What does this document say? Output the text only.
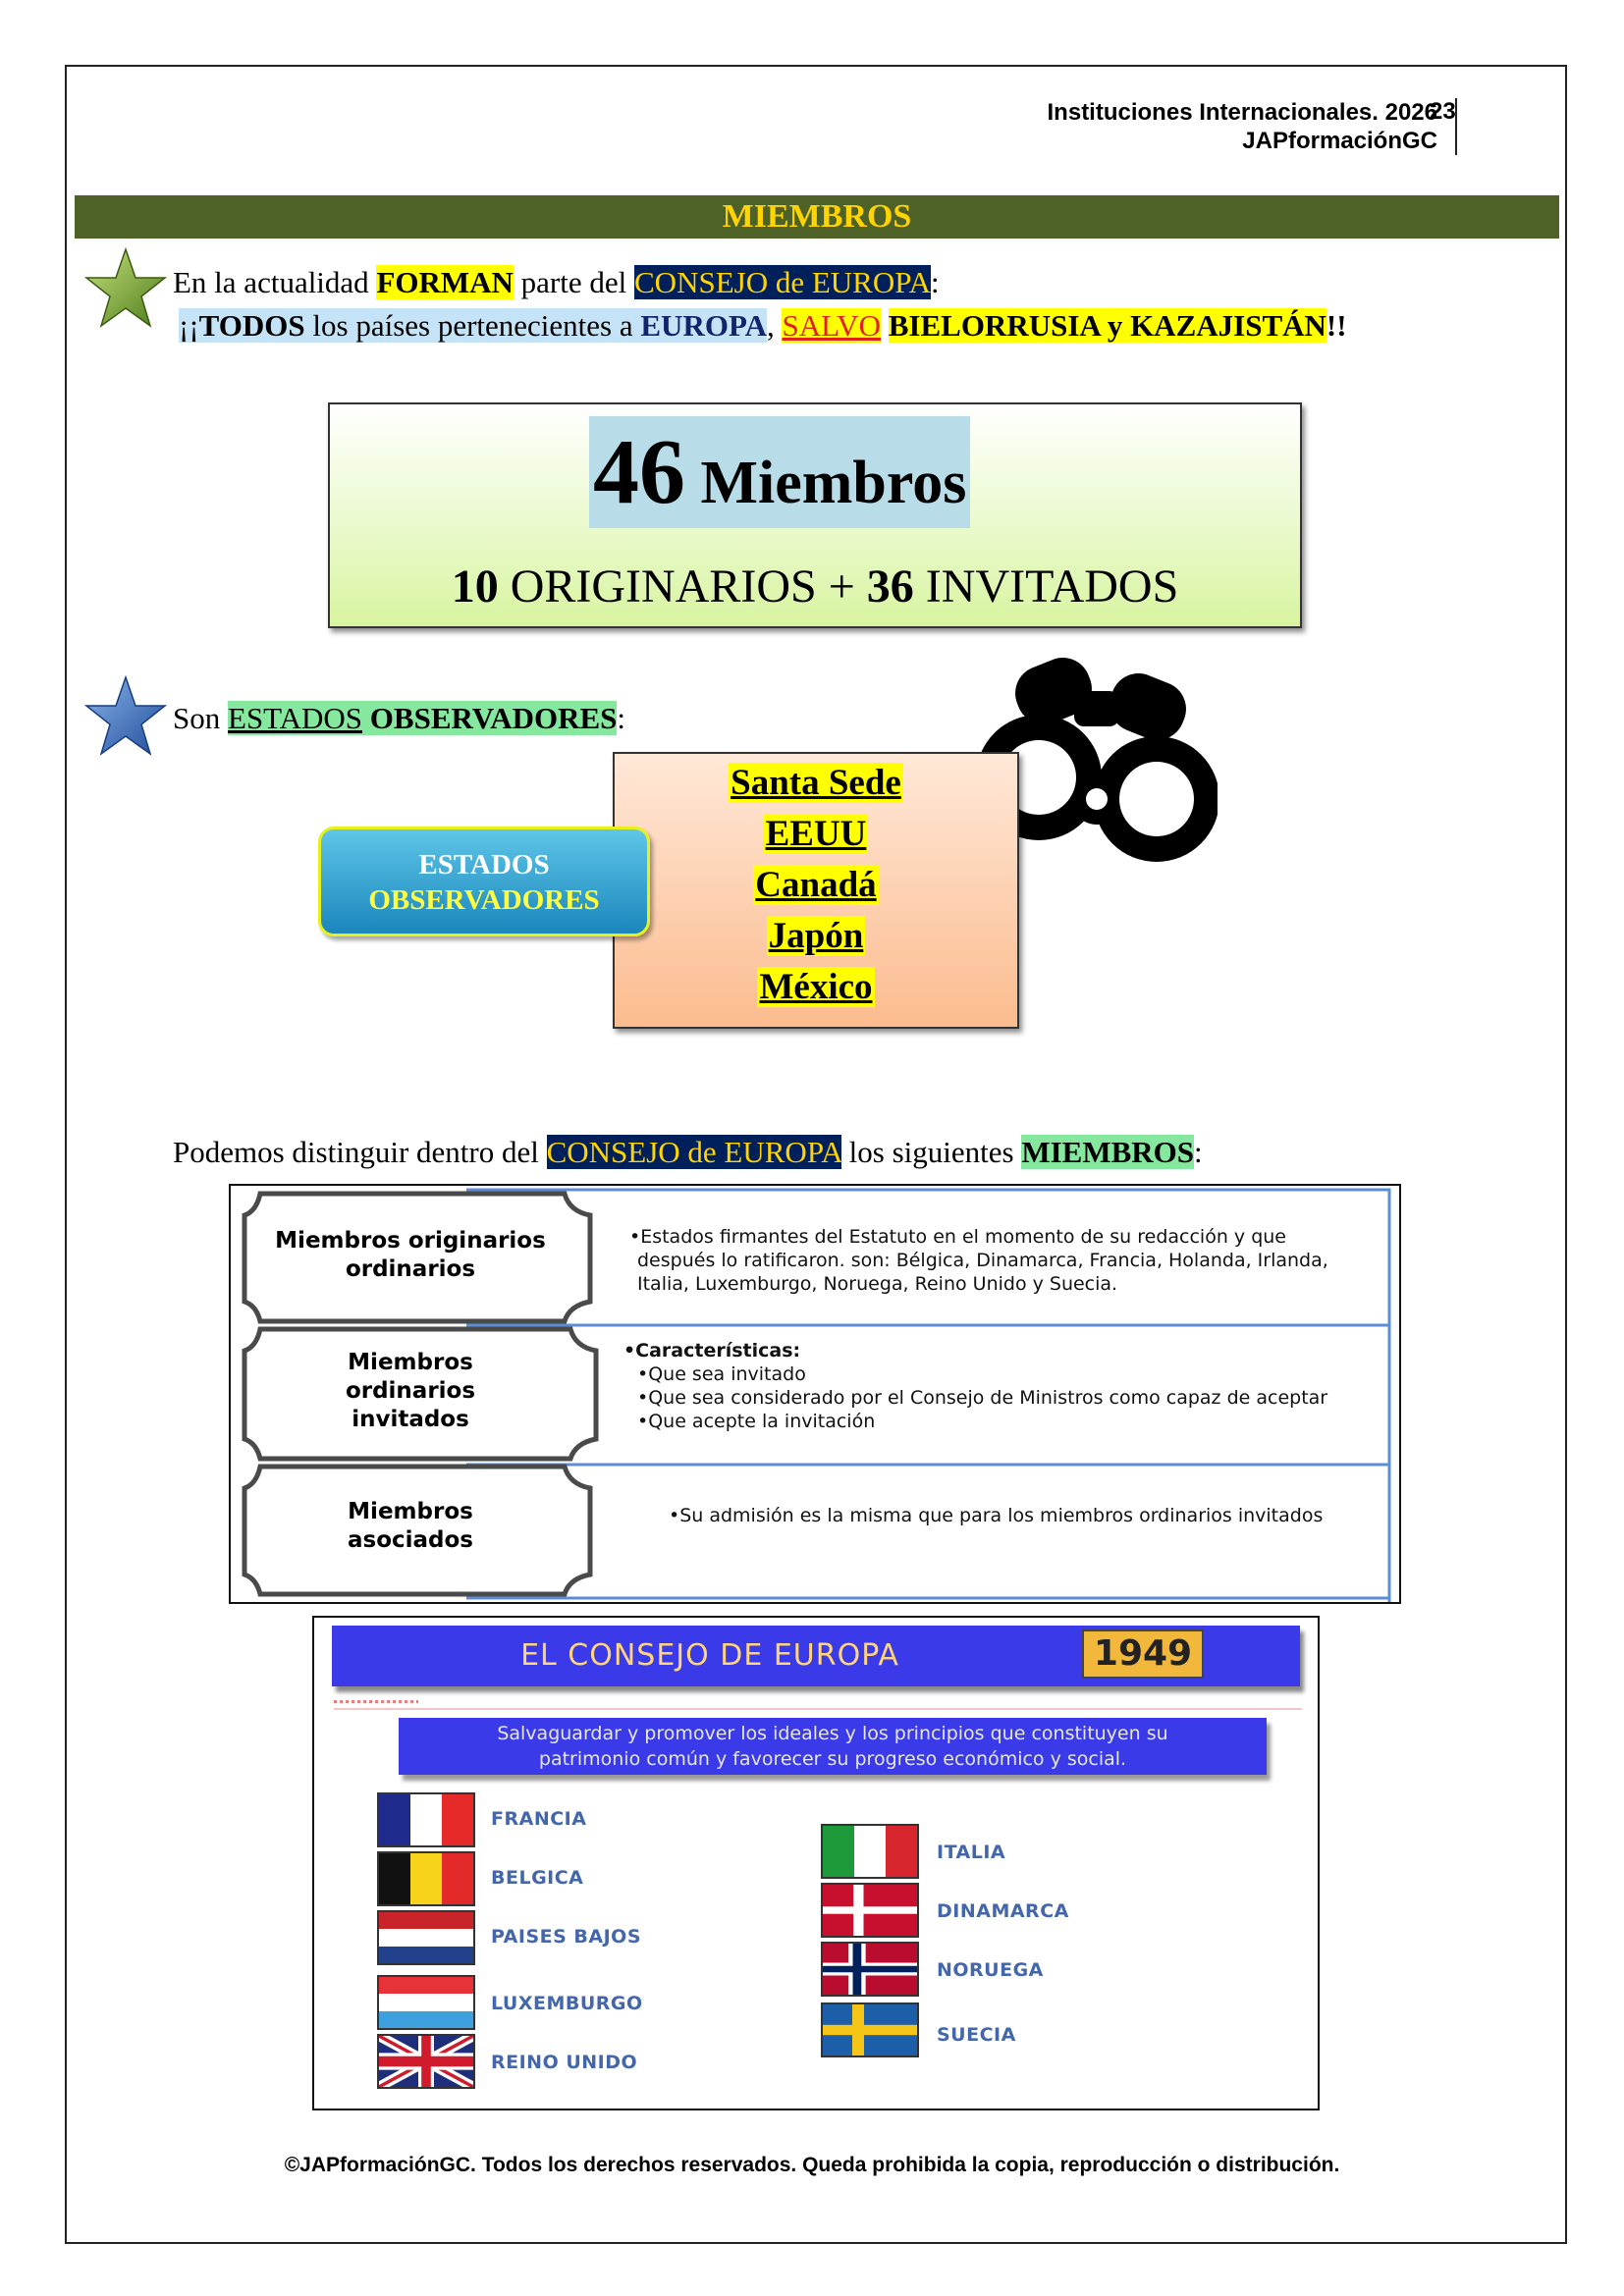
Instituciones Internacionales. 2026
JAPformaciónGC
23
MIEMBROS
En la actualidad FORMAN parte del CONSEJO de EUROPA:
¡¡TODOS los países pertenecientes a EUROPA, SALVO BIELORRUSIA y KAZAJISTÁN!!
46 Miembros
10 ORIGINARIOS + 36 INVITADOS
Son ESTADOS OBSERVADORES:
Santa Sede
EEUU
Canadá
Japón
México
ESTADOS
OBSERVADORES
Podemos distinguir dentro del CONSEJO de EUROPA los siguientes MIEMBROS:
Miembros originarios
ordinarios
Miembros
ordinarios
invitados
Miembros
asociados
•Estados firmantes del Estatuto en el momento de su redacción y que
después lo ratificaron. son: Bélgica, Dinamarca, Francia, Holanda, Irlanda,
Italia, Luxemburgo, Noruega, Reino Unido y Suecia.
•Características:
•Que sea invitado
•Que sea considerado por el Consejo de Ministros como capaz de aceptar
•Que acepte la invitación
•Su admisión es la misma que para los miembros ordinarios invitados
EL CONSEJO DE EUROPA	1949
Salvaguardar y promover los ideales y los principios que constituyen su
patrimonio común y favorecer su progreso económico y social.
FRANCIA
BELGICA
PAISES BAJOS
LUXEMBURGO
REINO UNIDO
ITALIA
DINAMARCA
NORUEGA
SUECIA
©JAPformaciónGC. Todos los derechos reservados. Queda prohibida la copia, reproducción o distribución.
